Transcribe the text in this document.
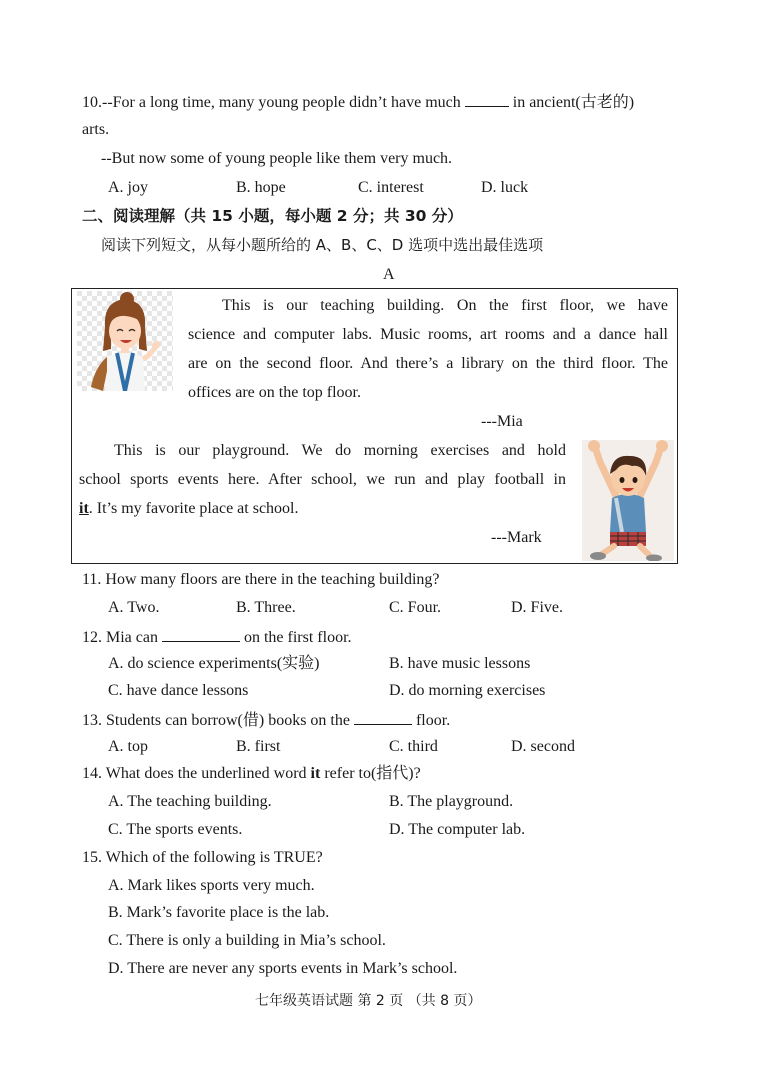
10.--For a long time, many young people didn’t have much	in ancient(古老的)
arts.
--But now some of young people like them very much.
A. joy	B. hope	C. interest	D. luck
二、阅读理解（共 15 小题，每小题 2 分；共 30 分）
阅读下列短文，从每小题所给的 A、B、C、D 选项中选出最佳选项
A
This is our teaching building. On the first floor, we have
science and computer labs. Music rooms, art rooms and a dance hall
are on the second floor. And there’s a library on the third floor. The
offices are on the top floor.
---Mia
This is our playground. We do morning exercises and hold
school sports events here. After school, we run and play football in
it. It’s my favorite place at school.
---Mark
11. How many floors are there in the teaching building?
A. Two.	B. Three.	C. Four.	D. Five.
12. Mia can	on the first floor.
A. do science experiments(实验)	B. have music lessons
C. have dance lessons	D. do morning exercises
13. Students can borrow(借) books on the	floor.
A. top	B. first	C. third	D. second
14. What does the underlined word it refer to(指代)?
A. The teaching building.	B. The playground.
C. The sports events.	D. The computer lab.
15. Which of the following is TRUE?
A. Mark likes sports very much.
B. Mark’s favorite place is the lab.
C. There is only a building in Mia’s school.
D. There are never any sports events in Mark’s school.
七年级英语试题 第 2 页 （共 8 页）
